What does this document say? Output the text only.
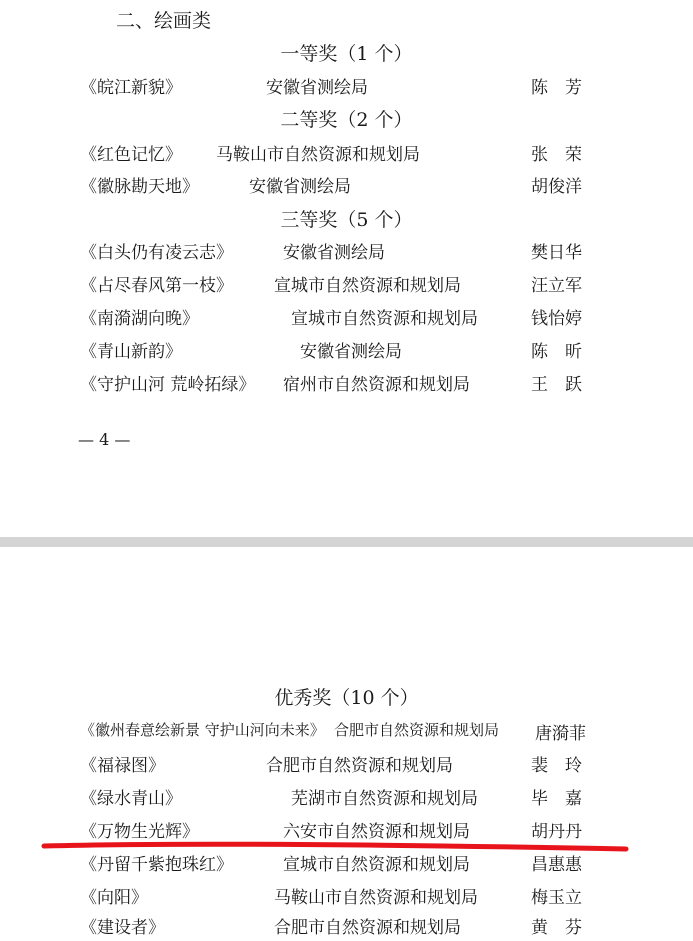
二、绘画类
一等奖（1 个）
《皖江新貌》	安徽省测绘局	陈　芳
二等奖（2 个）
《红色记忆》 马鞍山市自然资源和规划局	张　荣
《徽脉勘天地》	安徽省测绘局	胡俊洋
三等奖（5 个）
《白头仍有凌云志》	安徽省测绘局	樊日华
《占尽春风第一枝》 宣城市自然资源和规划局	汪立军
《南漪湖向晚》	宣城市自然资源和规划局	钱怡婷
《青山新韵》	安徽省测绘局	陈　昕
《守护山河 荒岭拓绿》 宿州市自然资源和规划局	王　跃
— 4 —
优秀奖（10 个）
《徽州春意绘新景 守护山河向未来》 合肥市自然资源和规划局 唐漪菲
《福禄图》	合肥市自然资源和规划局	裴　玲
《绿水青山》	芜湖市自然资源和规划局	毕　嘉
《万物生光辉》	六安市自然资源和规划局	胡丹丹
《丹留千紫抱珠红》	宣城市自然资源和规划局	昌惠惠
《向阳》	马鞍山市自然资源和规划局	梅玉立
《建设者》	合肥市自然资源和规划局	黄　芬
